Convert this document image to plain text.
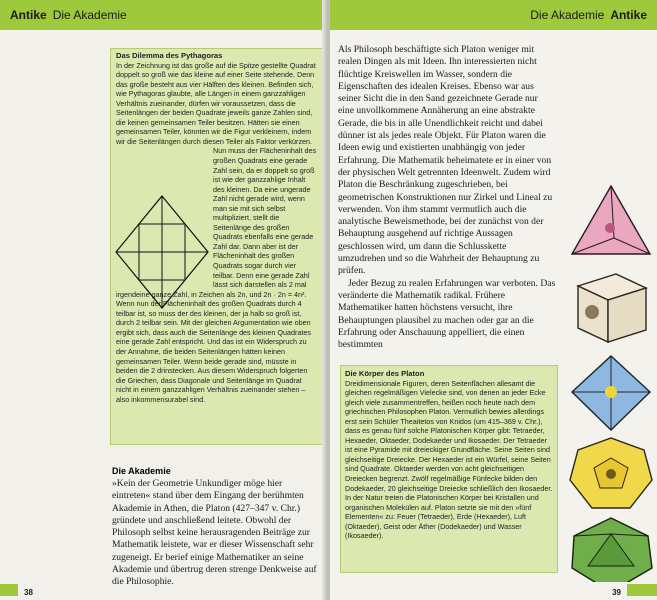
Antike Die Akademie
Das Dilemma des Pythagoras

In der Zeichnung ist das große auf die Spitze gestellte Quadrat doppelt so groß wie das kleine auf einer Seite stehende. Denn das große besteht aus vier Hälften des kleinen. Befinden sich, wie Pythagoras glaubte, alle Längen in einem ganzzahligen Verhältnis zueinander, dürfen wir voraussetzen, dass die Seitenlängen der beiden Quadrate jeweils ganze Zahlen sind, die keinen gemeinsamen Teiler besitzen. Hätten sie einen gemeinsamen Teiler, könnten wir die Figur verkleinern, indem wir die Seitenlängen durch diesen Teiler als Faktor verkürzen.

Nun muss der Flächeninhalt des großen Quadrats eine gerade Zahl sein, da er doppelt so groß ist wie der ganzzahlige Inhalt des kleinen. Da eine ungerade Zahl nicht gerade wird, wenn man sie mit sich selbst multipliziert, stellt die Seitenlänge des großen Quadrats ebenfalls eine gerade Zahl dar. Dann aber ist der Flächeninhalt des großen Quadrats sogar durch vier teilbar. Denn eine gerade Zahl lässt sich darstellen als 2 mal irgendeine ganze Zahl, in Zeichen als 2n, und 2n · 2n = 4n². Wenn nun der Flächeninhalt des großen Quadrats durch 4 teilbar ist, so muss der des kleinen, der ja halb so groß ist, durch 2 teilbar sein. Mit der gleichen Argumentation wie oben ergibt sich, dass auch die Seitenlänge des kleinen Quadrates eine gerade Zahl entspricht. Und das ist ein Widerspruch zu der Annahme, die beiden Seitenlängen hätten keinen gemeinsamen Teiler. Wenn beide gerade sind, müsste in beiden die 2 drinstecken. Aus diesem Widerspruch folgerten die Griechen, dass Diagonale und Seitenlänge im Quadrat nicht in einem ganzzahligen Verhältnis zueinander stehen – also inkommensurabel sind.

Die Akademie
»Kein der Geometrie Unkundiger möge hier eintreten« stand über dem Eingang der berühmten Akademie in Athen, die Platon (427–347 v. Chr.) gründete und anschließend leitete. Obwohl der Philosoph selbst keine herausragenden Beiträge zur Mathematik leistete, war er dieser Wissenschaft sehr zugeneigt. Er berief einige Mathematiker an seine Akademie und übertrug deren strenge Denkweise auf die Philosophie.
38
Die Akademie Antike

Als Philosoph beschäftigte sich Platon weniger mit realen Dingen als mit Ideen. Ihn interessierten nicht flüchtige Kreiswellen im Wasser, sondern die Eigenschaften des idealen Kreises. Ebenso war aus seiner Sicht die in den Sand gezeichnete Gerade nur eine unvollkommene Annäherung an eine abstrakte Gerade, die bis in alle Unendlichkeit reicht und dabei dünner ist als jedes reale Objekt. Für Platon waren die Ideen ewig und existierten unabhängig von jeder Erfahrung. Die Mathematik beheimatete er in einer von der physischen Welt getrennten Ideenwelt. Zudem wird Platon die Beschränkung zugeschrieben, bei geometrischen Konstruktionen nur Zirkel und Lineal zu verwenden. Von ihm stammt vermutlich auch die analytische Beweismethode, bei der zunächst von der Behauptung ausgehend auf richtige Aussagen geschlossen wird, um dann die Schlusskette umzudrehen und so die Wahrheit der Behauptung zu prüfen.

Jeder Bezug zu realen Erfahrungen war verboten. Das veränderte die Mathematik radikal. Frühere Mathematiker hatten höchstens versucht, ihre Behauptungen plausibel zu machen oder gar an die Erfahrung oder Anschauung appelliert, die einen bestimmten

Die Körper des Platon

Dreidimensionale Figuren, deren Seitenflächen allesamt die gleichen regelmäßigen Vielecke sind, von denen an jeder Ecke gleich viele zusammentreffen, heißen noch heute nach dem griechischen Philosophen Platon. Vermutlich bewies allerdings erst sein Schüler Theaitetos von Knidos (um 415–369 v. Chr.), dass es genau fünf solche Platonischen Körper gibt: Tetraeder, Hexaeder, Oktaeder, Dodekaeder und Ikosaeder. Der Tetraeder ist eine Pyramide mit dreieckiger Grundfläche. Seine Seiten sind gleichseitige Dreiecke. Der Hexaeder ist ein Würfel, seine Seiten sind Quadrate. Oktaeder werden von acht gleichseitigen Dreiecken begrenzt. Zwölf regelmäßige Fünfecke bilden den Dodekaeder, 20 gleichseitige Dreiecke schließlich den Ikosaeder.

In der Natur treten die Platonischen Körper bei Kristallen und organischen Molekülen auf. Platon setzte sie mit den »fünf Elementen« zu: Feuer (Tetraeder), Erde (Hexaeder), Luft (Oktaeder), Geist oder Äther (Dodekaeder) und Wasser (Ikosaeder).

39
